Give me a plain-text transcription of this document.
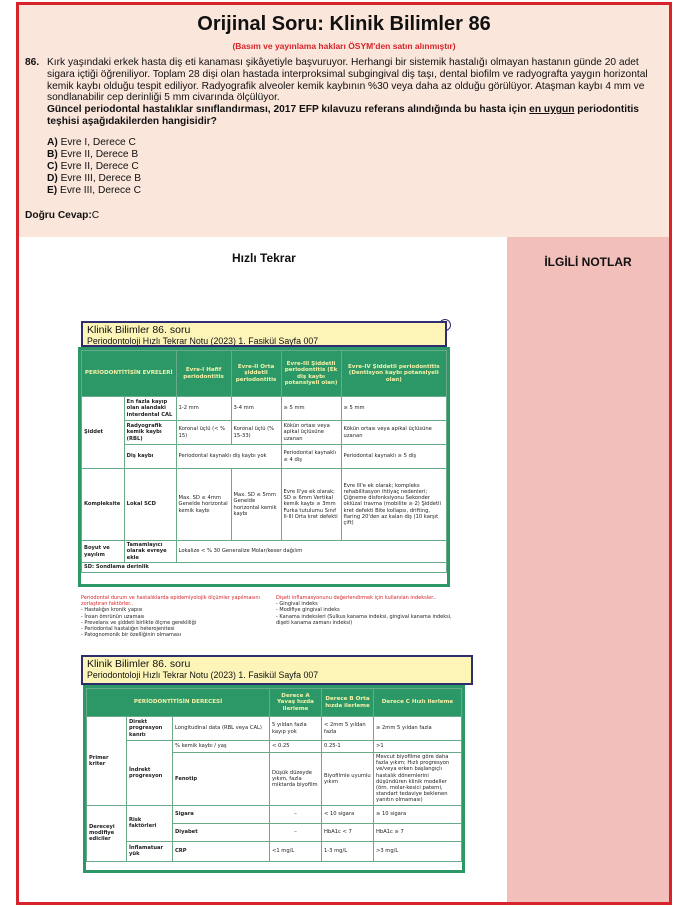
Orijinal Soru: Klinik Bilimler 86
(Basım ve yayınlama hakları ÖSYM'den satın alınmıştır)
86. Kırk yaşındaki erkek hasta diş eti kanaması şikâyetiyle başvuruyor. Herhangi bir sistemik hastalığı olmayan hastanın günde 20 adet sigara içtiği öğreniliyor. Toplam 28 dişi olan hastada interproksimal subgingival diş taşı, dental biofilm ve radyografta yaygın horizontal kemik kaybı olduğu tespit ediliyor. Radyografik alveoler kemik kaybının %30 veya daha az olduğu görülüyor. Ataşman kaybı 4 mm ve sondlanabilir cep derinliği 5 mm civarında ölçülüyor.
Güncel periodontal hastalıklar sınıflandırması, 2017 EFP kılavuzu referans alındığında bu hasta için en uygun periodontitis teşhisi aşağıdakilerden hangisidir?
A) Evre I, Derece C
B) Evre II, Derece B
C) Evre II, Derece C
D) Evre III, Derece B
E) Evre III, Derece C
Doğru Cevap:C
Hızlı Tekrar
PERİODONTİTİSİN EVRELERİ		Evre-I Hafif periodontitis	Evre-II Orta şiddetli periodontitis	Evre-III Şiddetli periodontitis (Ek diş kaybı potansiyeli olan)	Evre-IV Şiddetli periodontitis (Dentisyon kaybı potansiyeli olan)
Şiddet	En fazla kayıp olan alandaki interdental CAL	1-2 mm	3-4 mm	≥ 5 mm	≥ 5 mm
	Radyografik kemik kaybı (RBL)	Koronal üçlü (< % 15)	Koronal üçlü (% 15-33)	Kökün ortası veya apikal üçlüsüne uzanan	Kökün ortası veya apikal üçlüsüne uzanan
	Diş kaybı	Periodontal kaynaklı diş kaybı yok		Periodontal kaynaklı ≤ 4 diş	Periodontal kaynaklı ≥ 5 diş
Kompleksite	Lokal SCD	Max. SD ≤ 4mm Genelde horizontal kemik kaybı	Max. SD ≤ 5mm Genelde horizontal kemik kaybı	Evre II'ye ek olarak; SD ≥ 6mm Vertikal kemik kaybı ≥ 3mm Furka tutulumu Sınıf II-III Orta kret defekti	Evre III'e ek olarak; kompleks rehabilitasyon ihtiyaç nedenleri; Çiğneme disfonksiyonu Sekonder oklüzal travma (mobilite ≥ 2) Şiddetli kret defekti Bite kollapsı, drifting, flaring 20'den az kalan diş (10 karşıt çift)
Boyut ve yayılım	Tamamlayıcı olarak evreye ekle	Lokalize < % 30 Generalize Molar/keser dağılım			
SD: Sondlama derinlik					
Klinik Bilimler 86. soru
Periodontoloji Hızlı Tekrar Notu (2023) 1. Fasikül Sayfa 007
Periodontal durum ve hastalıklarda epidemiyolojik ölçümler yapılmasını zorlaştıran faktörler..
- Hastalığın kronik yapısı
- İnsan ömrünün uzaması
- Prevelans ve şiddeti birlikte ölçme gerekliliği
- Periodontal hastalığın heterojenitesi
- Patognomonik bir özelliğinin olmaması
Dişeti inflamasyonunu değerlendirmek için kullanılan indeksler..
- Gingival indeks
- Modifiye gingival indeks
- Kanama indeksleri (Sulkus kanama indeksi, gingival kanama indeksi, dişeti kanama zamanı indeksi)
Klinik Bilimler 86. soru
Periodontoloji Hızlı Tekrar Notu (2023) 1. Fasikül Sayfa 007
PERİODONTİTİSİN DERECESİ			Derece A Yavaş hızda ilerleme	Derece B Orta hızda ilerleme	Derece C Hızlı ilerleme
Primer kriter	Direkt progresyon kanıtı	Longitudinal data (RBL veya CAL)	5 yıldan fazla kayıp yok	< 2mm 5 yıldan fazla	≥ 2mm 5 yıldan fazla
	İndrekt progresyon	% kemik kaybı / yaş	< 0.25	0.25-1	>1
		Fenotip	Düşük düzeyde yıkım, fazla miktarda biyofilm	Biyofilmle uyumlu yıkım	Mevcut biyofilme göre daha fazla yıkım; Hızlı progresyon ve/veya erken başlangıçlı hastalık dönemlerini düşündüren klinik modeller (örn. molar-kesici paterni, standart tedaviye beklenen yanıtın olmaması)
Dereceyi modifiye ediciler	Risk faktörleri	Sigara	–	< 10 sigara	≥ 10 sigara
		Diyabet	–	HbA1c < 7	HbA1c ≥ 7
	İnflamatuar yük	CRP	<1 mg/L	1-3 mg/L	>3 mg/L
İLGİLİ NOTLAR
